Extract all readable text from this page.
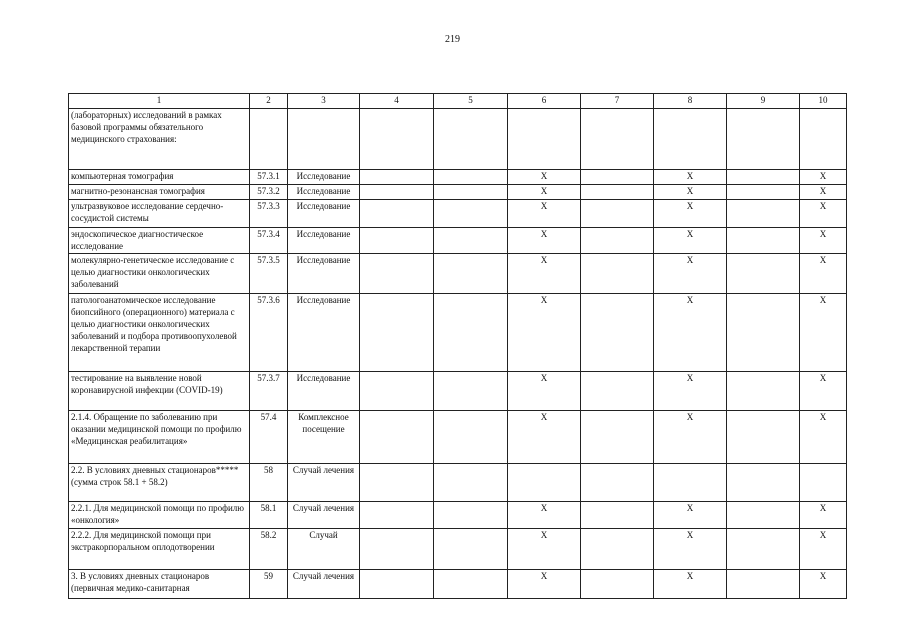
219
1	2	3	4	5	6	7	8	9	10
(лабораторных) исследований в рамках базовой программы обязательного медицинского страхования:									
компьютерная томография	57.3.1	Исследование			X		X		X
магнитно-резонансная томография	57.3.2	Исследование			X		X		X
ультразвуковое исследование сердечно-сосудистой системы	57.3.3	Исследование			X		X		X
эндоскопическое диагностическое исследование	57.3.4	Исследование			X		X		X
молекулярно-генетическое исследование с целью диагностики онкологических заболеваний	57.3.5	Исследование			X		X		X
патологоанатомическое исследование биопсийного (операционного) материала с целью диагностики онкологических заболеваний и подбора противоопухолевой лекарственной терапии	57.3.6	Исследование			X		X		X
тестирование на выявление новой коронавирусной инфекции (COVID-19)	57.3.7	Исследование			X		X		X
2.1.4. Обращение по заболеванию при оказании медицинской помощи по профилю «Медицинская реабилитация»	57.4	Комплексное посещение			X		X		X
2.2. В условиях дневных стационаров***** (сумма строк 58.1 + 58.2)	58	Случай лечения							
2.2.1. Для медицинской помощи по профилю «онкология»	58.1	Случай лечения			X		X		X
2.2.2. Для медицинской помощи при экстракорпоральном оплодотворении	58.2	Случай			X		X		X
3. В условиях дневных стационаров (первичная медико-санитарная	59	Случай лечения			X		X		X
